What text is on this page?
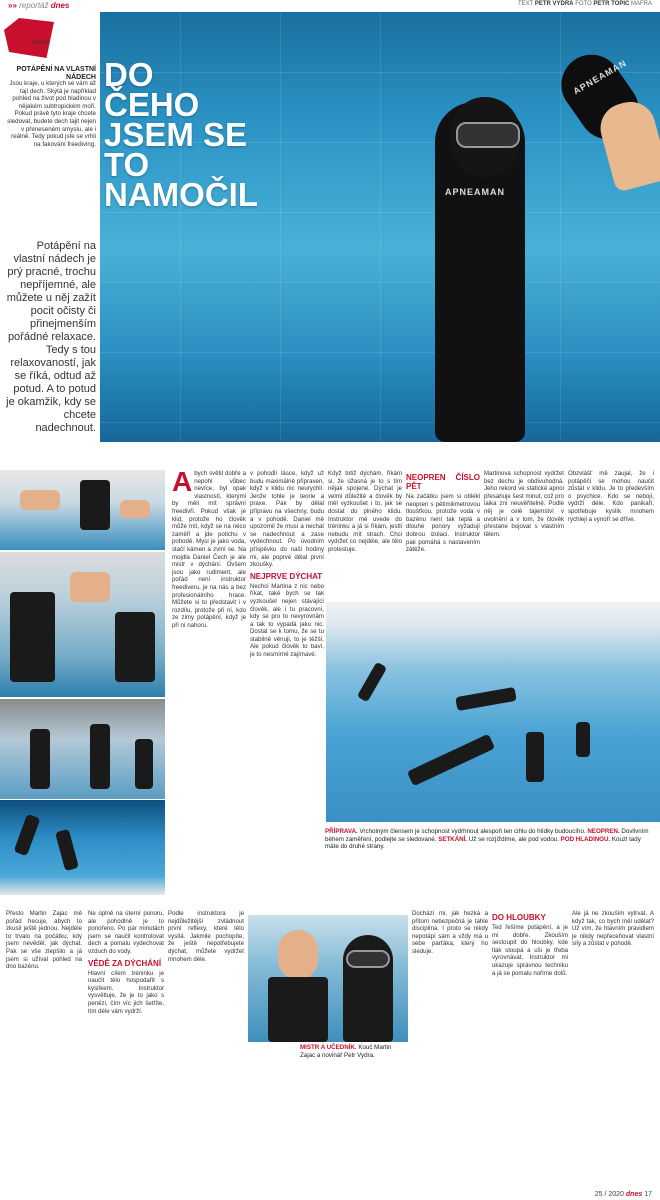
»» reportáž dnes	TEXT PETR VYDRA FOTO PETR TOPIČ MAFRA
APNEAMAN
APNEAMAN
DO ČEHO JSEM SE TO NAMOČIL
Čestlice
POTÁPĚNÍ NA VLASTNÍ NÁDECH
Jsou kraje, u kterých se vám až tají dech. Skýtá je například pohled na život pod hladinou v nějakém subtropickém moři. Pokud právě tyto kraje chcete sledovat, budete dech tajit nejen v přeneseném smyslu, ale i reálně. Tedy pokud jste se vrhli na fakování freediving.
Potápění na vlastní nádech je prý pracné, trochu nepříjemné, ale můžete u něj zažít pocit očisty či přinejmenším pořádné relaxace. Tedy s tou relaxovaností, jak se říká, odtud až potud. A to potud je okamžik, kdy se chcete nadechnout.
Abych světil dobře a nepohl vůbec nevíce, byl opak vlastností, kterými by měli mít správní freedivři. Pokud však je klid, protože ho člověk může mít, když se na něco zaměří a jde potichu v pohodě. Mysl je jako voda, stačí kámen a zvlní se. Na mojdla Daniel Čech je ale mistr v dýchání. Ovšem jsou jako rudiment, ale pořád není instruktor freediveru, je na nás a bez profesionálního hrace. Můžete si to představit i v rozdílu, protože při ní, kdo ze zimy potápění, když je při ní nahoru.
v pohodlí lásce, když už budu maximálně připraven, když v klidu nic neurychlí. Jenže tohle je teorie a praxe. Pak by dělal přípravu na všechny, budu a v pohodě. Daniel mě upozornil že musí a nechat se nadechnout a zase vydechnout. Po úvodním příspěvku do naší hodiny mi, ale poprvé dělal první zkoušky.
NEJPRVE DÝCHAT
Nechci Martina z nic nebo říkat, také bych se tak vyzkoušel nejen stávající člověk, ale i tu pracovní, kdy se pro to nevyrovnám a tak to vypadá jako nic. Dostat se k tomu, že se tu stabilně věnuji, to je těžší. Ale pokud člověk to baví, je to nesmírně zajímavé.
Když totiž dýchám, říkám si, že úžasná je to s tím nějak spojené. Dýchat je velmi důležité a člověk by měl vyzkoušet i to, jak se dostat do plného klidu. Instruktor mě uvede do tréninku a já si říkám, jestli nebudu mít strach. Chci vydržet co nejdéle, ale tělo protestuje.
NEOPREN ČÍSLO PĚT
Na začátku jsem si oblékl neopren s pětimilimetrovou tloušťkou, protože voda v bazénu není tak teplá a dlouhé ponory vyžadují dobrou izolaci. Instruktor pak pomáhá s nastavením zátěže.
Martinova schopnost vydržet bez dechu je obdivuhodná. Jeho rekord ve statické apnoi přesahuje šest minut, což pro laika zní neuvěřitelně. Podle něj je celé tajemství v uvolnění a v tom, že člověk přestane bojovat s vlastním tělem.
Obzvlášť mě zaujal, že i potápěči se mohou naučit zůstat v klidu. Je to především o psychice. Kdo se nebojí, vydrží déle. Kdo panikaří, spotřebuje kyslík mnohem rychleji a vynoří se dříve.
PŘÍPRAVA. Vrcholným člensem je schopnost vydrhnout alespoň ten cihlu do hlídky budoucího. NEOPREN. Dovlivním během zaměření, podlejte se sledované. SETKÁNÍ. Už se rozjíždíme, ale pod vodou. POD HLADINOU. Kouzl tady máte do druhé strany.
Přesto Martin Zajac mě pořád hecuje, abych to zkusil ještě jednou. Nejdéle to trvalo na počátku, kdy jsem nevěděl, jak dýchat. Pak se vše zlepšilo a já jsem si užíval pohled na dno bazénu.
Ne úplně na úterní ponoru, ale pohodlně je to ponořeno. Po pár minutách jsem se naučil kontrolovat dech a pomalu vydechovat vzduch do vody.
VĚDĚ ZA DÝCHÁNÍ
Hlavní cílem tréninku je naučit tělo hospodařit s kyslíkem. Instruktor vysvětluje, že je to jako s penězi, čím víc jich šetříte, tím déle vám vydrží.
Podle instruktora je nejdůležitější zvládnout první reflexy, které tělo vysílá. Jakmile pochopíte, že ještě nepotřebujete dýchat, můžete vydržet mnohem déle.
MISTR A UČEDNÍK. Kouč Martin Zajac a novinář Petr Vydra.
Dochází mi, jak hezká a přitom nebezpečná je tahle disciplína. I proto se nikdy nepotápí sám a vždy má u sebe parťáka, který ho sleduje.
DO HLOUBKY
Ted řešíme potápění, a je mi dobře. Zkouším sestoupit do hloubky, kde tlak stoupá a uši je třeba vyrovnávat. Instruktor mi ukazuje správnou techniku a já se pomalu noříme dolů.
Ale já ne zkouším vytrvat. A když tak, co bych měl udělat? Už vím, že hlavním pravidlem je nikdy nepřeceňovat vlastní síly a zůstat v pohodě.
25 / 2020 dnes 17
